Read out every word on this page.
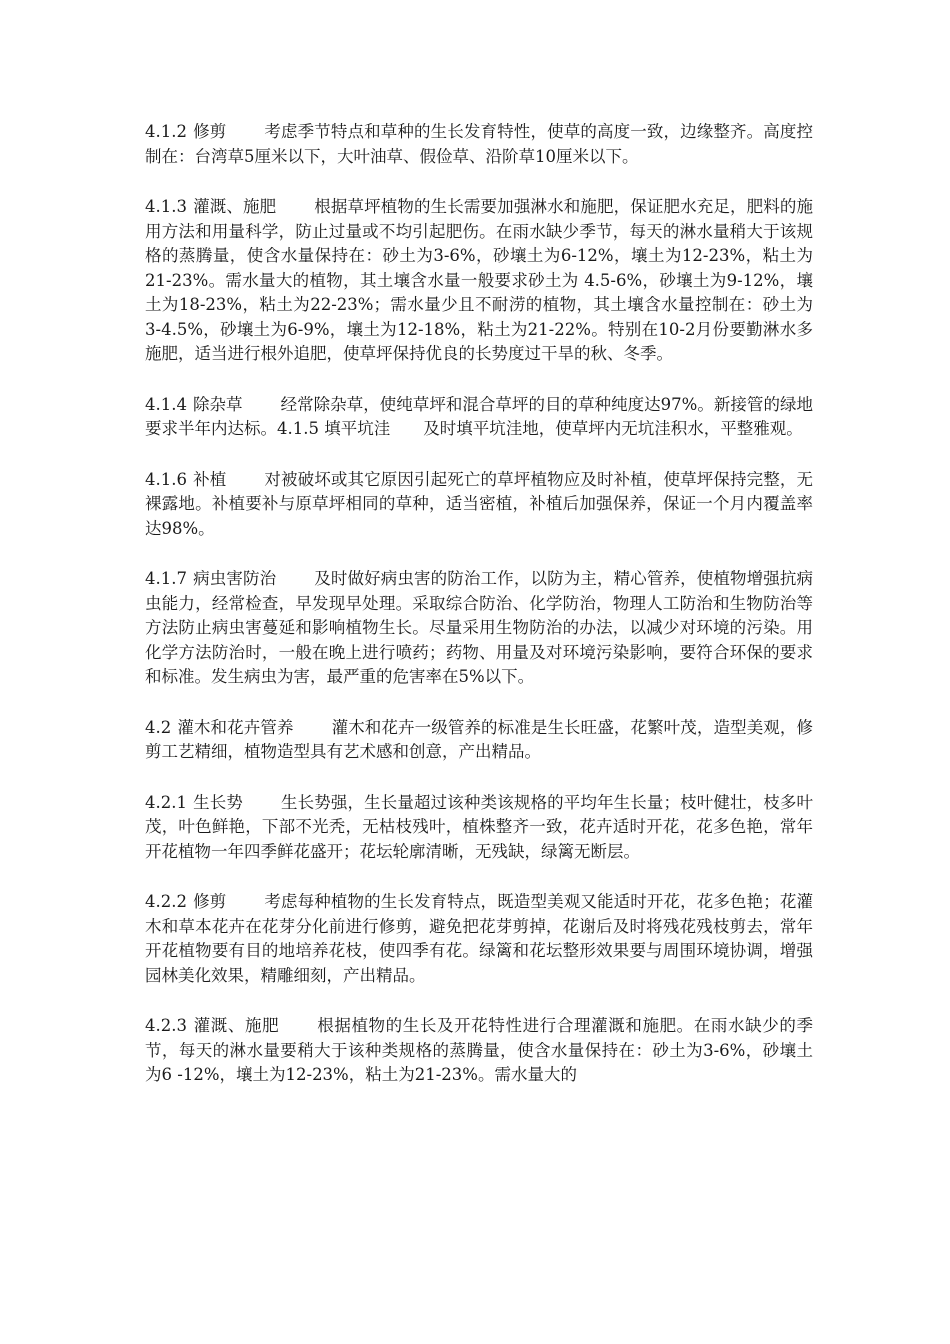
4.1.2 修剪 考虑季节特点和草种的生长发育特性，使草的高度一致，边缘整齐。高度控制在：台湾草5厘米以下，大叶油草、假俭草、沿阶草10厘米以下。

4.1.3 灌溉、施肥 根据草坪植物的生长需要加强淋水和施肥，保证肥水充足，肥料的施用方法和用量科学，防止过量或不均引起肥伤。在雨水缺少季节，每天的淋水量稍大于该规格的蒸腾量，使含水量保持在：砂土为3-6%，砂壤土为6-12%，壤土为12-23%，粘土为21-23%。需水量大的植物，其土壤含水量一般要求砂土为 4.5-6%，砂壤土为9-12%，壤土为18-23%，粘土为22-23%；需水量少且不耐涝的植物，其土壤含水量控制在：砂土为3-4.5%，砂壤土为6-9%，壤土为12-18%，粘土为21-22%。特别在10-2月份要勤淋水多施肥，适当进行根外追肥，使草坪保持优良的长势度过干旱的秋、冬季。

4.1.4 除杂草 经常除杂草，使纯草坪和混合草坪的目的草种纯度达97%。新接管的绿地要求半年内达标。4.1.5 填平坑洼　　及时填平坑洼地，使草坪内无坑洼积水，平整雅观。

4.1.6 补植 对被破坏或其它原因引起死亡的草坪植物应及时补植，使草坪保持完整，无裸露地。补植要补与原草坪相同的草种，适当密植，补植后加强保养，保证一个月内覆盖率达98%。

4.1.7 病虫害防治 及时做好病虫害的防治工作，以防为主，精心管养，使植物增强抗病虫能力，经常检查，早发现早处理。采取综合防治、化学防治，物理人工防治和生物防治等方法防止病虫害蔓延和影响植物生长。尽量采用生物防治的办法，以减少对环境的污染。用化学方法防治时，一般在晚上进行喷药；药物、用量及对环境污染影响，要符合环保的要求和标准。发生病虫为害，最严重的危害率在5%以下。

4.2 灌木和花卉管养 灌木和花卉一级管养的标准是生长旺盛，花繁叶茂，造型美观，修剪工艺精细，植物造型具有艺术感和创意，产出精品。

4.2.1 生长势 生长势强，生长量超过该种类该规格的平均年生长量；枝叶健壮，枝多叶茂，叶色鲜艳，下部不光秃，无枯枝残叶，植株整齐一致，花卉适时开花，花多色艳，常年开花植物一年四季鲜花盛开；花坛轮廓清晰，无残缺，绿篱无断层。

4.2.2 修剪 考虑每种植物的生长发育特点，既造型美观又能适时开花，花多色艳；花灌木和草本花卉在花芽分化前进行修剪，避免把花芽剪掉，花谢后及时将残花残枝剪去，常年开花植物要有目的地培养花枝，使四季有花。绿篱和花坛整形效果要与周围环境协调，增强园林美化效果，精雕细刻，产出精品。

4.2.3 灌溉、施肥 根据植物的生长及开花特性进行合理灌溉和施肥。在雨水缺少的季节，每天的淋水量要稍大于该种类规格的蒸腾量，使含水量保持在：砂土为3-6%，砂壤土为6 -12%，壤土为12-23%，粘土为21-23%。需水量大的
